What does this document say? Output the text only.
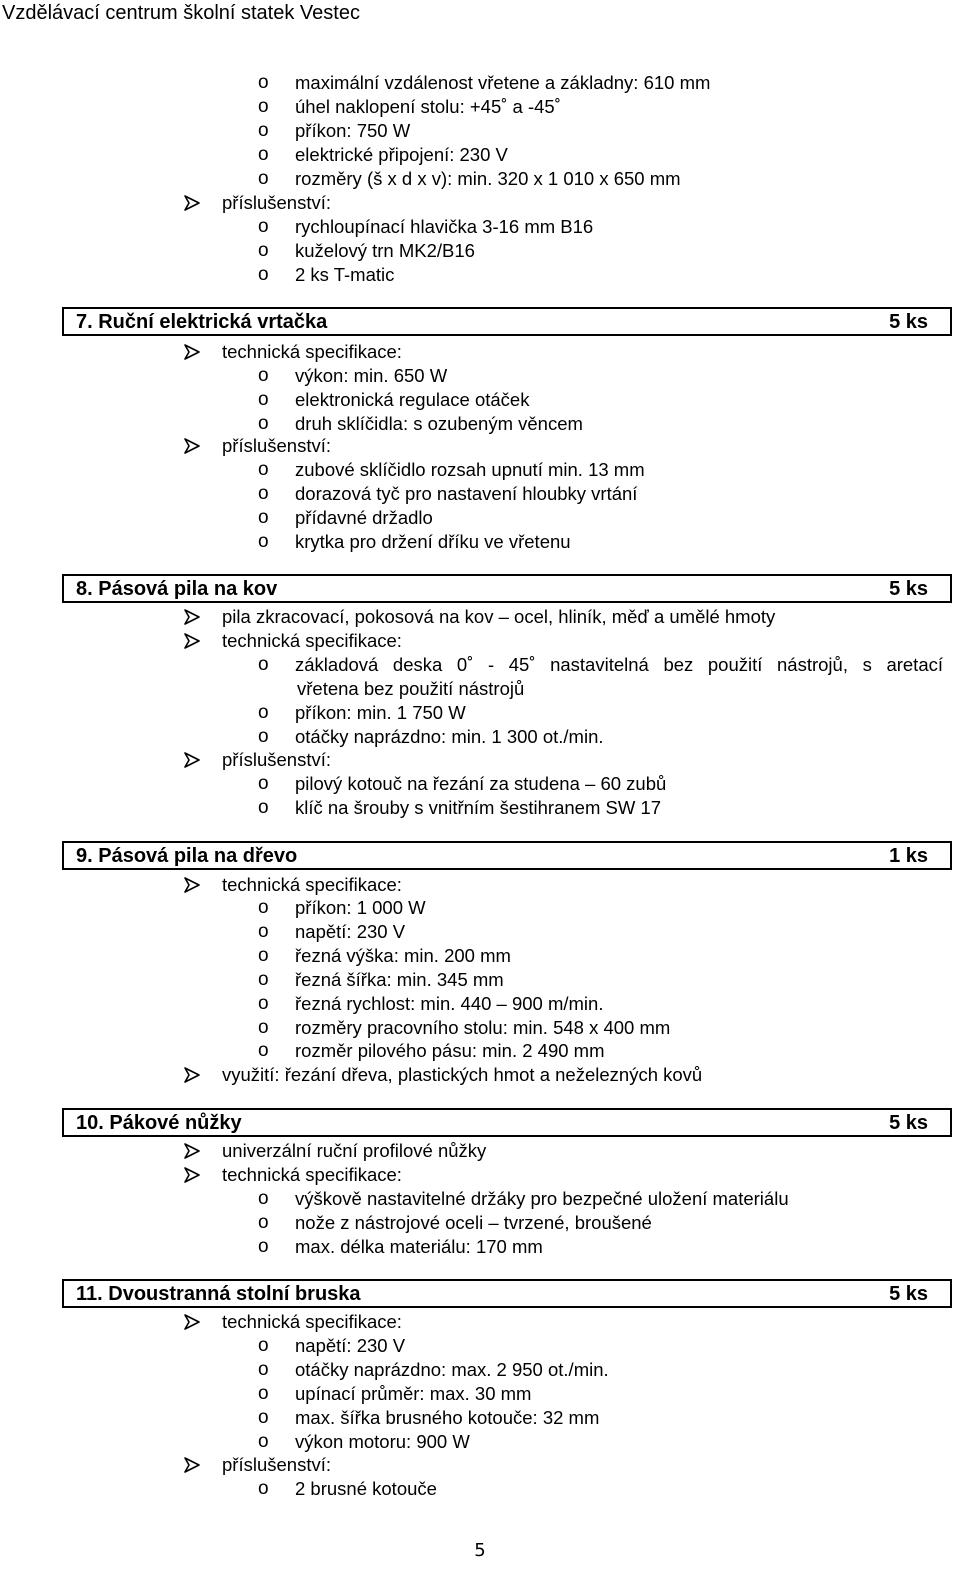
Vzdělávací centrum školní statek Vestec
o maximální vzdálenost vřetene a základny: 610 mm
o úhel naklopení stolu: +45˚ a -45˚
o příkon: 750 W
o elektrické připojení: 230 V
o rozměry (š x d x v): min. 320 x 1 010 x 650 mm
příslušenství:
o rychloupínací hlavička 3-16 mm B16
o kuželový trn MK2/B16
o 2 ks T-matic
7. Ruční elektrická vrtačka	5 ks
technická specifikace:
o výkon: min. 650 W
o elektronická regulace otáček
o druh sklíčidla: s ozubeným věncem
příslušenství:
o zubové sklíčidlo rozsah upnutí min. 13 mm
o dorazová tyč pro nastavení hloubky vrtání
o přídavné držadlo
o krytka pro držení dříku ve vřetenu
8. Pásová pila na kov	5 ks
pila zkracovací, pokosová na kov – ocel, hliník, měď a umělé hmoty
technická specifikace:
o základová deska 0˚ - 45˚ nastavitelná bez použití nástrojů, s aretací
vřetena bez použití nástrojů
o příkon: min. 1 750 W
o otáčky naprázdno: min. 1 300 ot./min.
příslušenství:
o pilový kotouč na řezání za studena – 60 zubů
o klíč na šrouby s vnitřním šestihranem SW 17
9. Pásová pila na dřevo	1 ks
technická specifikace:
o příkon: 1 000 W
o napětí: 230 V
o řezná výška: min. 200 mm
o řezná šířka: min. 345 mm
o řezná rychlost: min. 440 – 900 m/min.
o rozměry pracovního stolu: min. 548 x 400 mm
o rozměr pilového pásu: min. 2 490 mm
využití: řezání dřeva, plastických hmot a neželezných kovů
10. Pákové nůžky	5 ks
univerzální ruční profilové nůžky
technická specifikace:
o výškově nastavitelné držáky pro bezpečné uložení materiálu
o nože z nástrojové oceli – tvrzené, broušené
o max. délka materiálu: 170 mm
11. Dvoustranná stolní bruska	5 ks
technická specifikace:
o napětí: 230 V
o otáčky naprázdno: max. 2 950 ot./min.
o upínací průměr: max. 30 mm
o max. šířka brusného kotouče: 32 mm
o výkon motoru: 900 W
příslušenství:
o 2 brusné kotouče
5
